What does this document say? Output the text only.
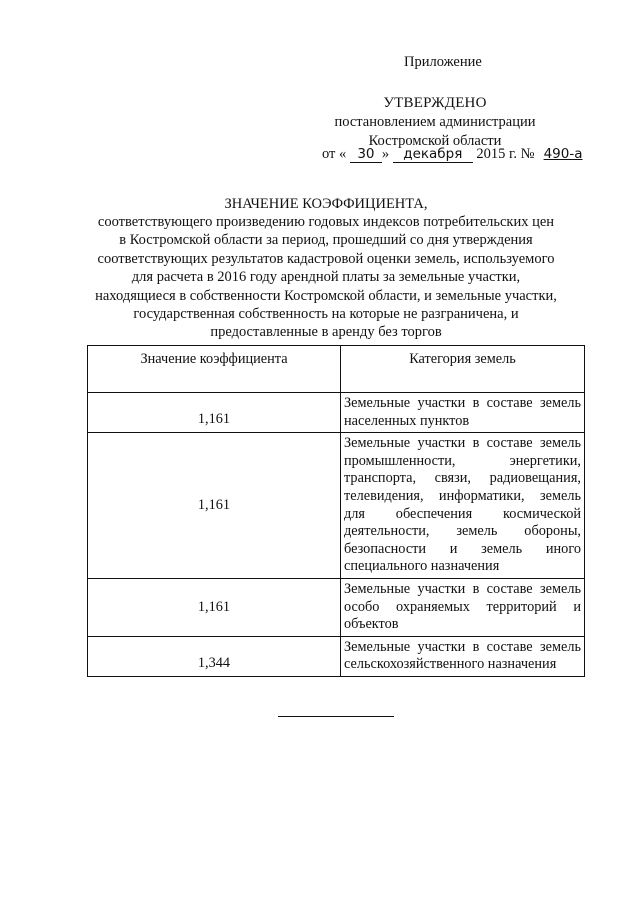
Приложение
УТВЕРЖДЕНО
постановлением администрации
Костромской области
от « 30 » декабря 2015 г. № 490-а
ЗНАЧЕНИЕ КОЭФФИЦИЕНТА,
соответствующего произведению годовых индексов потребительских цен
в Костромской области за период, прошедший со дня утверждения
соответствующих результатов кадастровой оценки земель, используемого
для расчета в 2016 году арендной платы за земельные участки,
находящиеся в собственности Костромской области, и земельные участки,
государственная собственность на которые не разграничена, и
предоставленные в аренду без торгов
Значение коэффициента	Категория земель
1,161	Земельные участки в составе земель населенных пунктов
1,161	Земельные участки в составе земель промышленности, энергетики, транспорта, связи, радиовещания, телевидения, информатики, земель для обеспечения космической деятельности, земель обороны, безопасности и земель иного специального назначения
1,161	Земельные участки в составе земель особо охраняемых территорий и объектов
1,344	Земельные участки в составе земель сельскохозяйственного назначения
